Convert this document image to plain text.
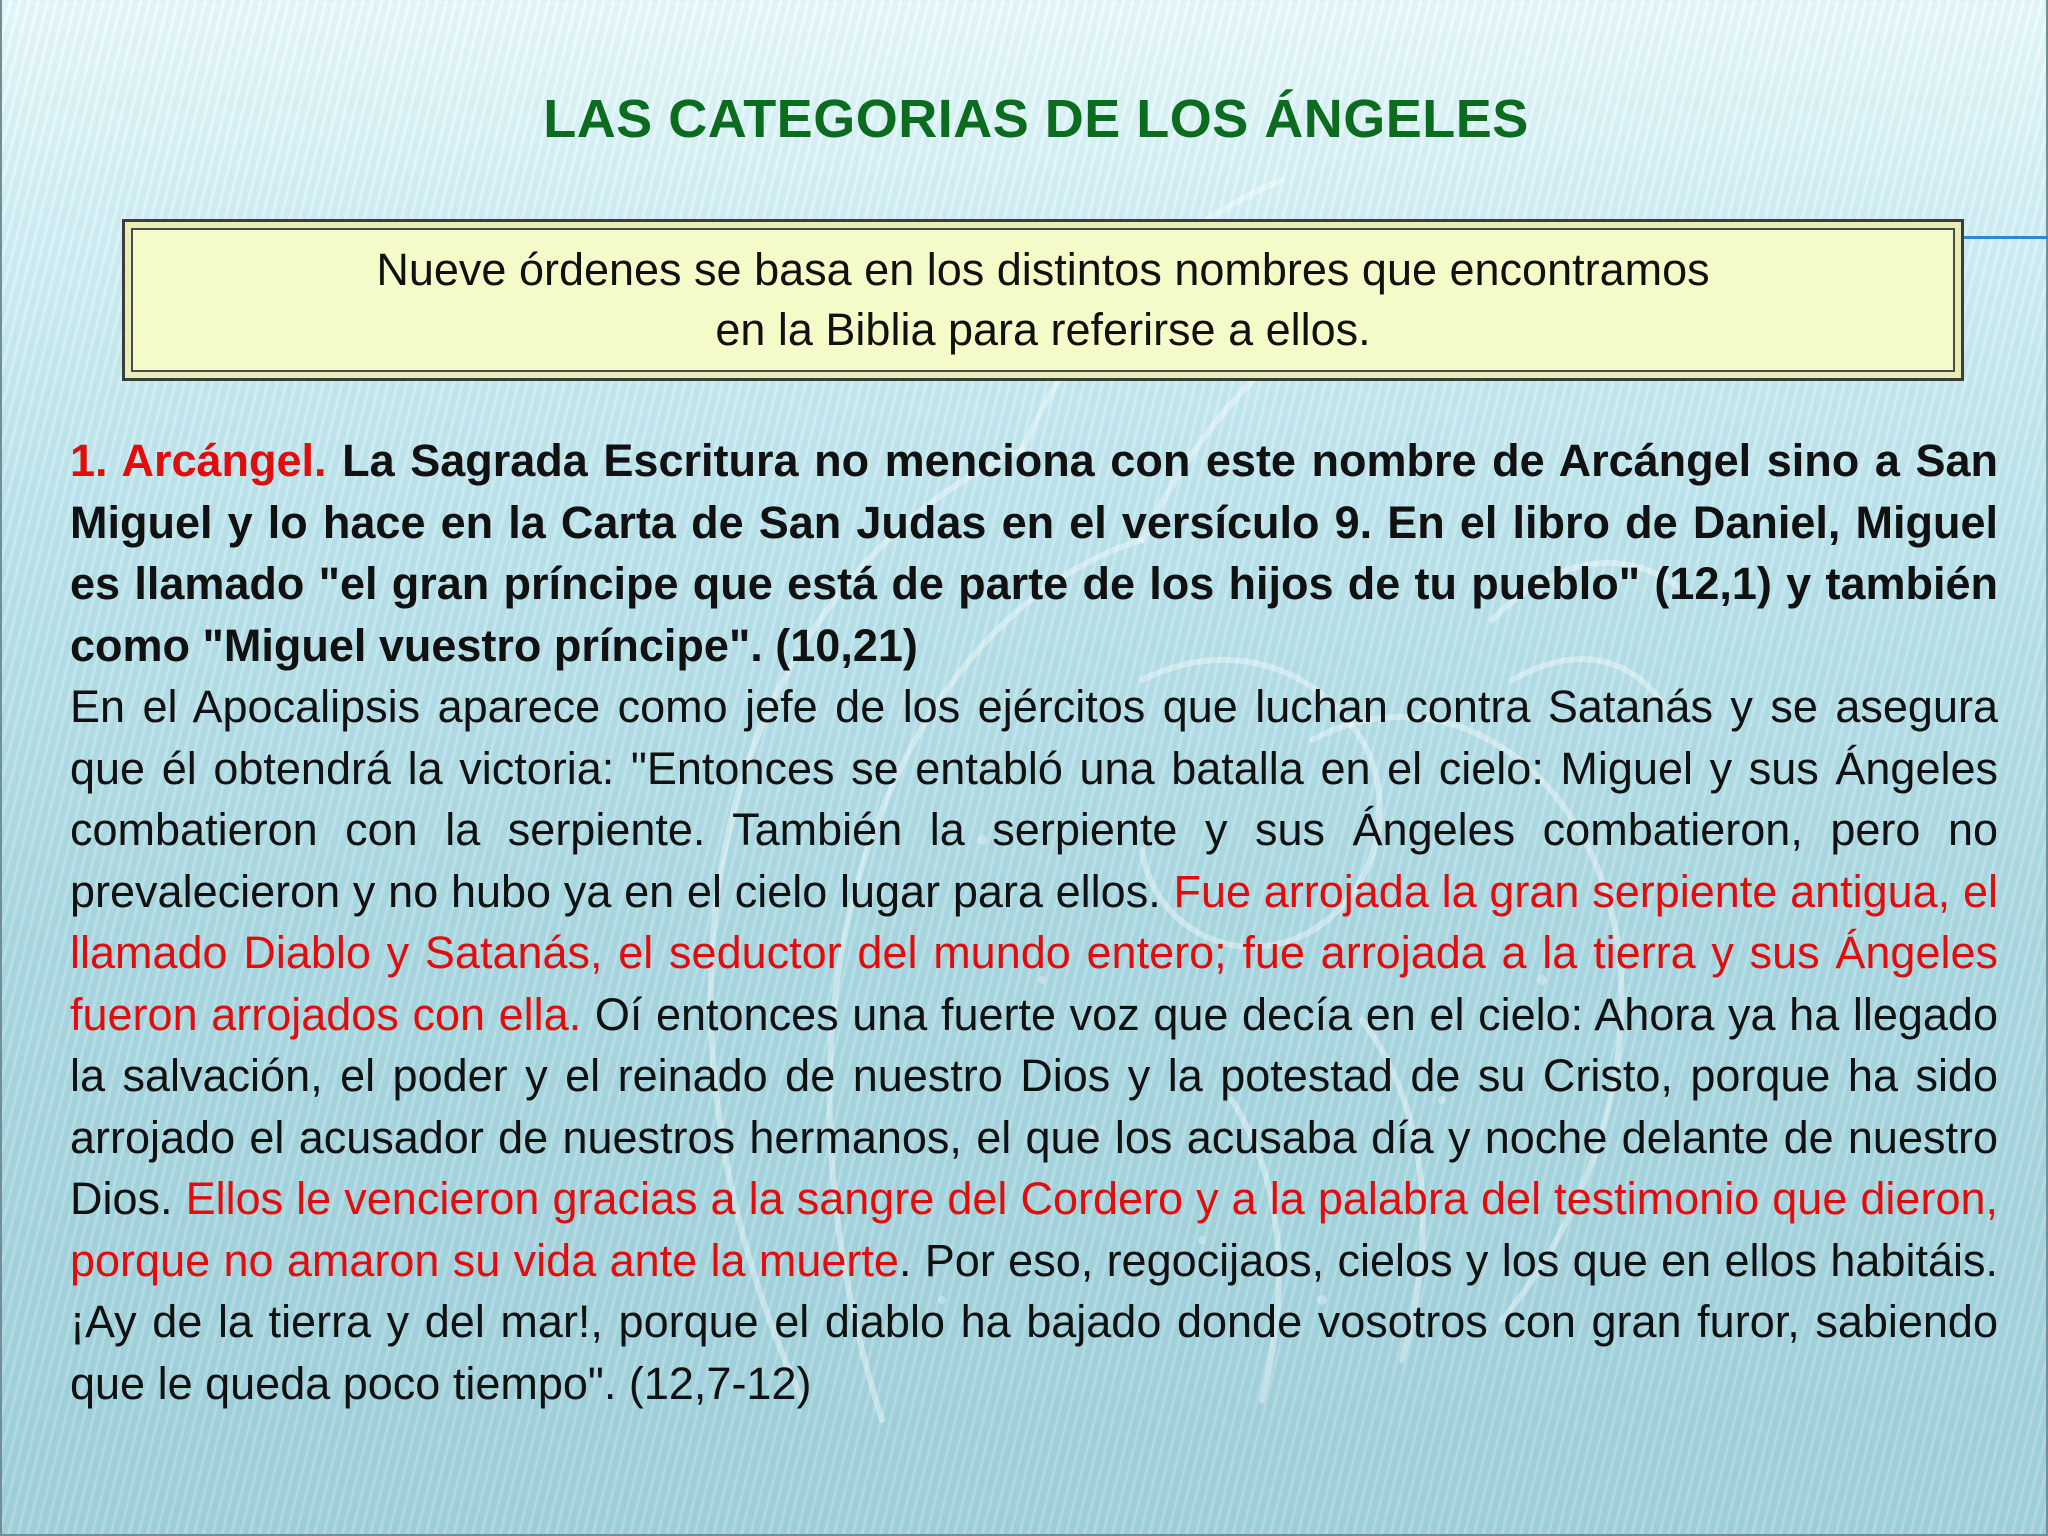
LAS CATEGORIAS DE LOS ÁNGELES
Nueve órdenes se basa en los distintos nombres que encontramos
en la Biblia para referirse a ellos.
1. Arcángel. La Sagrada Escritura no menciona con este nombre de Arcángel sino a San Miguel y lo hace en la Carta de San Judas en el versículo 9. En el libro de Daniel, Miguel es llamado "el gran príncipe que está de parte de los hijos de tu pueblo" (12,1) y también como "Miguel vuestro príncipe". (10,21)
En el Apocalipsis aparece como jefe de los ejércitos que luchan contra Satanás y se asegura que él obtendrá la victoria: "Entonces se entabló una batalla en el cielo: Miguel y sus Ángeles combatieron con la serpiente. También la serpiente y sus Ángeles combatieron, pero no prevalecieron y no hubo ya en el cielo lugar para ellos. Fue arrojada la gran serpiente antigua, el llamado Diablo y Satanás, el seductor del mundo entero; fue arrojada a la tierra y sus Ángeles fueron arrojados con ella. Oí entonces una fuerte voz que decía en el cielo: Ahora ya ha llegado la salvación, el poder y el reinado de nuestro Dios y la potestad de su Cristo, porque ha sido arrojado el acusador de nuestros hermanos, el que los acusaba día y noche delante de nuestro Dios. Ellos le vencieron gracias a la sangre del Cordero y a la palabra del testimonio que dieron, porque no amaron su vida ante la muerte. Por eso, regocijaos, cielos y los que en ellos habitáis. ¡Ay de la tierra y del mar!, porque el diablo ha bajado donde vosotros con gran furor, sabiendo que le queda poco tiempo". (12,7-12)
